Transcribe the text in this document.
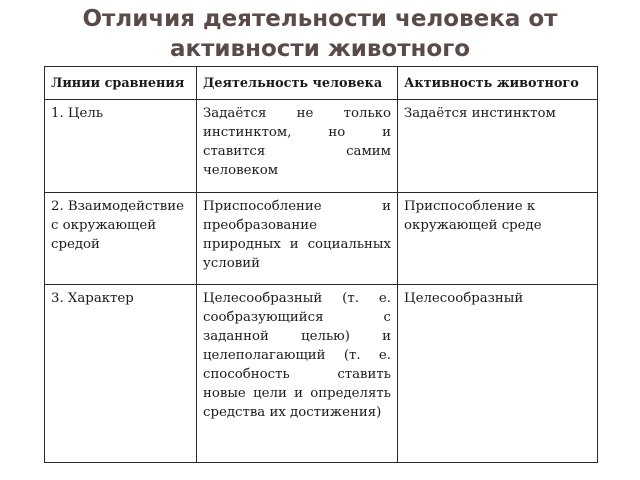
Отличия деятельности человека от
активности животного
Линии сравнения	Деятельность человека	Активность животного
1. Цель	Задаётся не только инстинктом, но и ставится самим человеком	Задаётся инстинктом
2. Взаимодействие с окружающей средой	Приспособление и преобразование природных и социальных условий	Приспособление к окружающей среде
3. Характер	Целесообразный (т. е. сообразующийся с заданной целью) и целеполагающий (т. е. способность ставить новые цели и определять средства их достижения)	Целесообразный
